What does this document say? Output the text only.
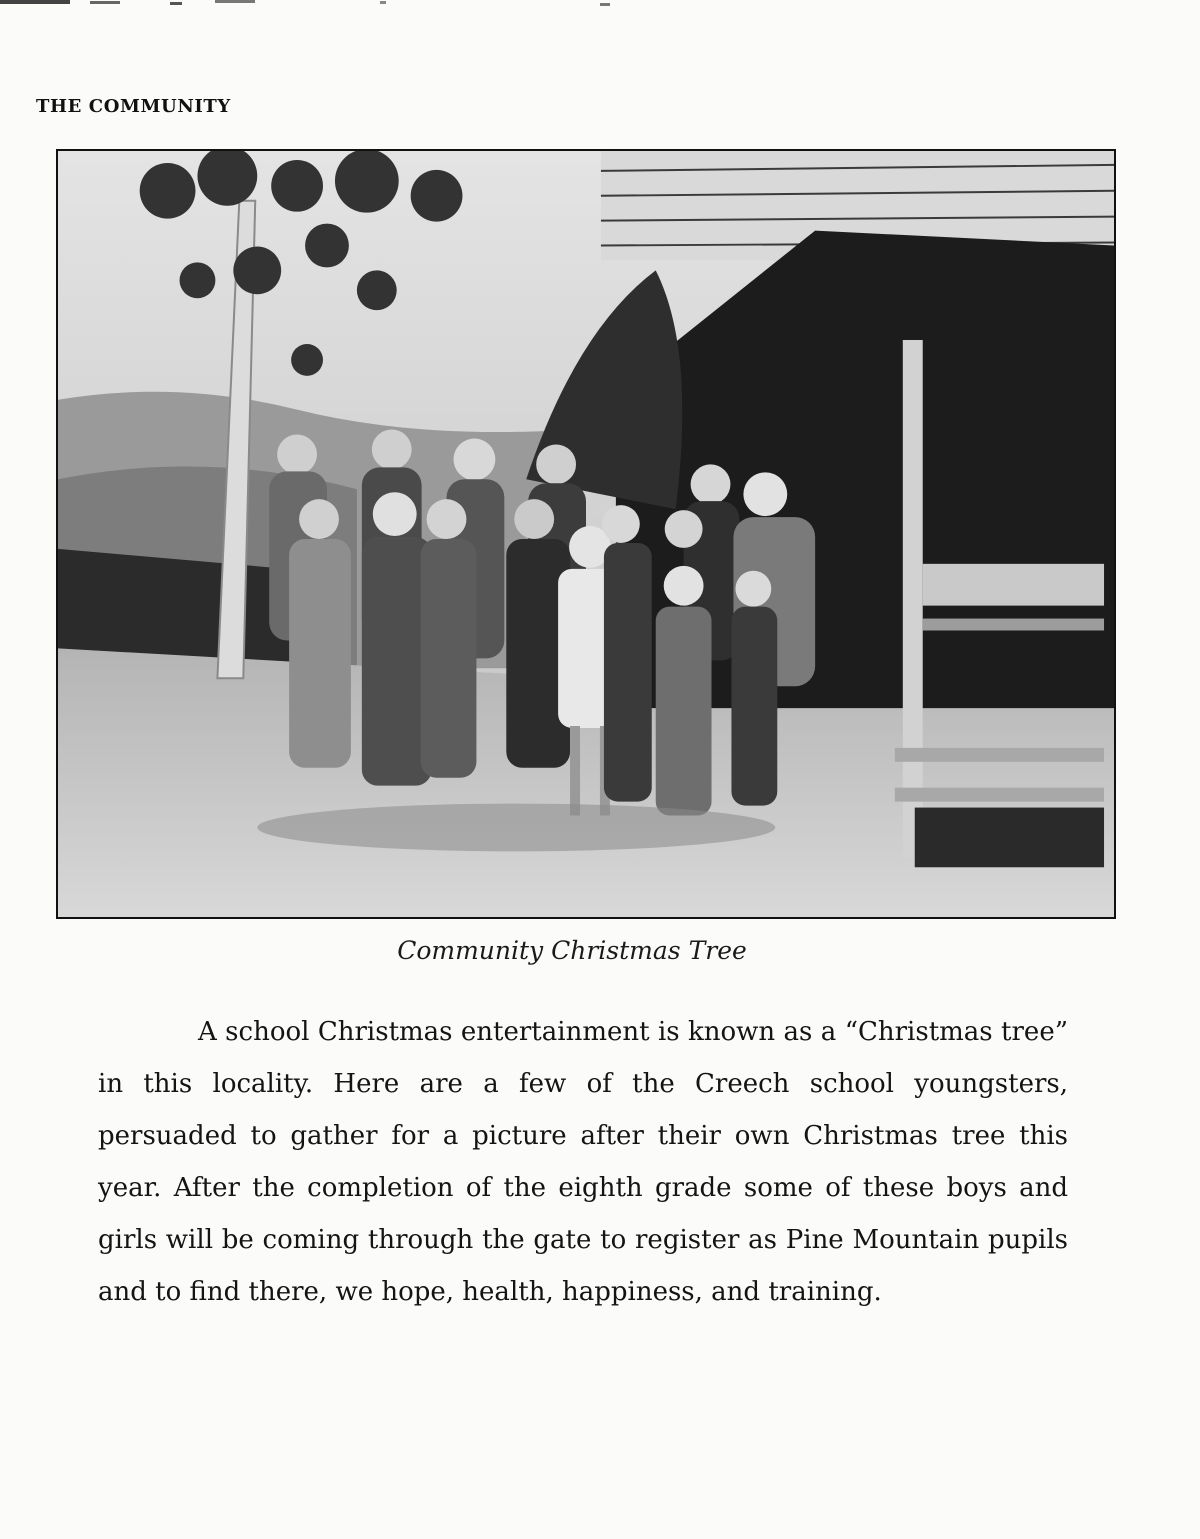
THE COMMUNITY

Community Christmas Tree

A school Christmas entertainment is known as a “Christmas tree” in this locality. Here are a few of the Creech school youngsters, persuaded to gather for a picture after their own Christmas tree this year. After the completion of the eighth grade some of these boys and girls will be coming through the gate to register as Pine Mountain pupils and to find there, we hope, health, happiness, and training.
